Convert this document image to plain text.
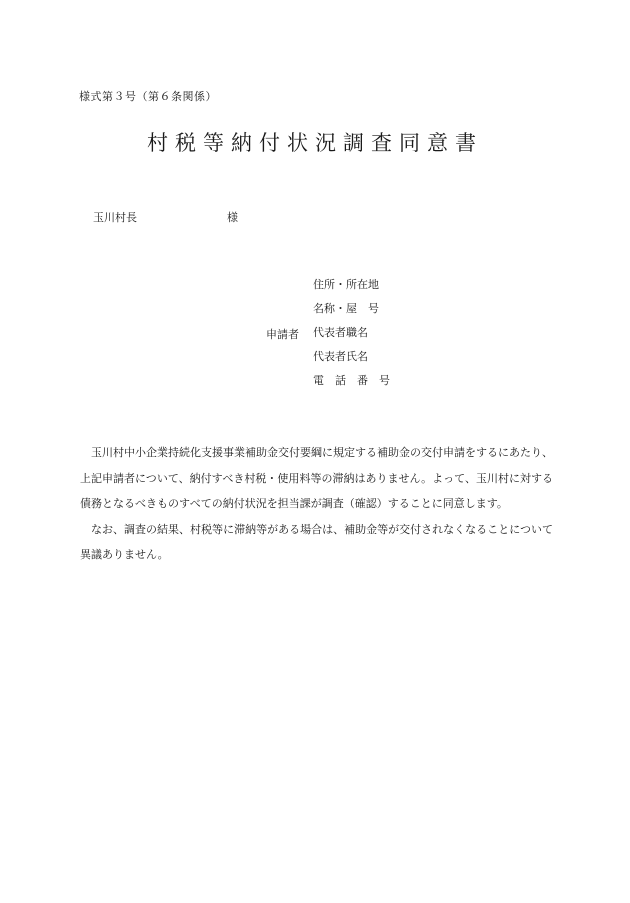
様式第３号（第６条関係）
村税等納付状況調査同意書
玉川村長	様
申請者
住所・所在地
名称・屋　号
代表者職名
代表者氏名
電　話　番　号

玉川村中小企業持続化支援事業補助金交付要綱に規定する補助金の交付申請をするにあたり、上記申請者について、納付すべき村税・使用料等の滞納はありません。よって、玉川村に対する債務となるべきものすべての納付状況を担当課が調査（確認）することに同意します。

なお、調査の結果、村税等に滞納等がある場合は、補助金等が交付されなくなることについて異議ありません。
